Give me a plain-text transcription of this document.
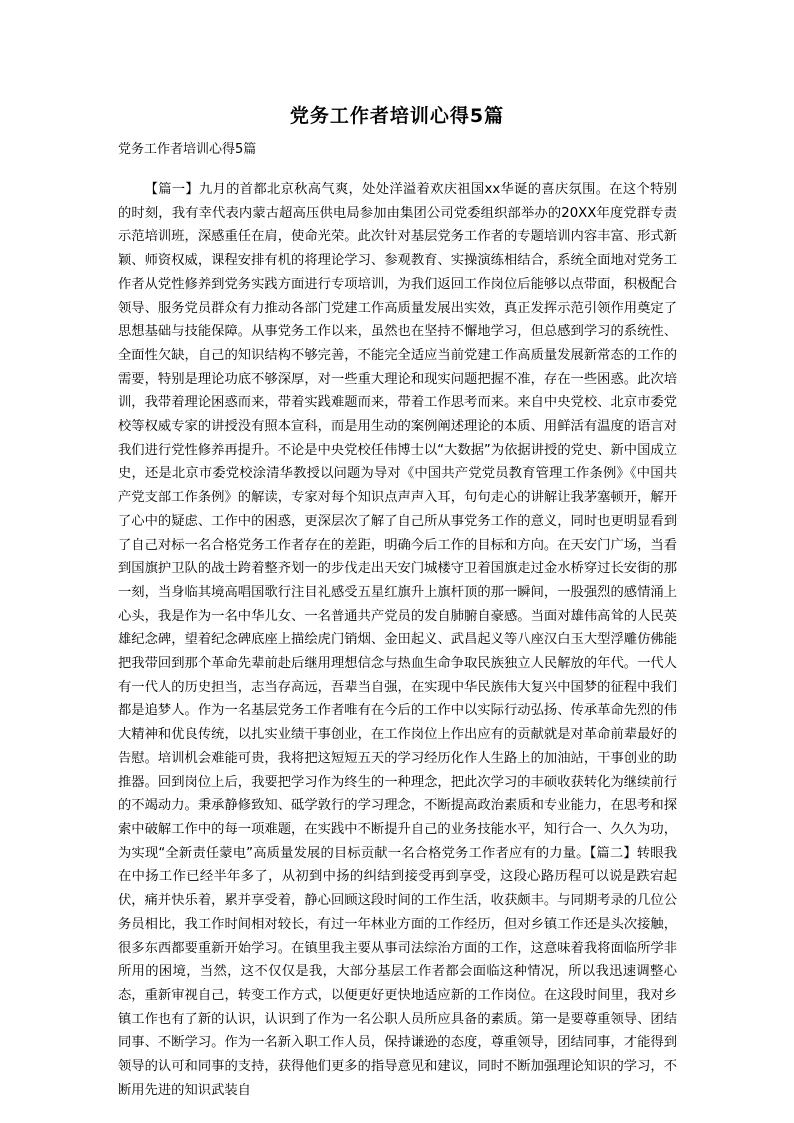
党务工作者培训心得5篇
党务工作者培训心得5篇

【篇一】九月的首都北京秋高气爽，处处洋溢着欢庆祖国xx华诞的喜庆氛围。在这个特别的时刻，我有幸代表内蒙古超高压供电局参加由集团公司党委组织部举办的20XX年度党群专责示范培训班，深感重任在肩，使命光荣。此次针对基层党务工作者的专题培训内容丰富、形式新颖、师资权威，课程安排有机的将理论学习、参观教育、实操演练相结合，系统全面地对党务工作者从党性修养到党务实践方面进行专项培训，为我们返回工作岗位后能够以点带面，积极配合领导、服务党员群众有力推动各部门党建工作高质量发展出实效，真正发挥示范引领作用奠定了思想基础与技能保障。从事党务工作以来，虽然也在坚持不懈地学习，但总感到学习的系统性、全面性欠缺，自己的知识结构不够完善，不能完全适应当前党建工作高质量发展新常态的工作的需要，特别是理论功底不够深厚，对一些重大理论和现实问题把握不准，存在一些困惑。此次培训，我带着理论困惑而来，带着实践难题而来，带着工作思考而来。来自中央党校、北京市委党校等权威专家的讲授没有照本宣科，而是用生动的案例阐述理论的本质、用鲜活有温度的语言对我们进行党性修养再提升。不论是中央党校任伟博士以“大数据”为依据讲授的党史、新中国成立史，还是北京市委党校涂清华教授以问题为导对《中国共产党党员教育管理工作条例》《中国共产党支部工作条例》的解读，专家对每个知识点声声入耳，句句走心的讲解让我茅塞顿开，解开了心中的疑虑、工作中的困惑，更深层次了解了自己所从事党务工作的意义，同时也更明显看到了自己对标一名合格党务工作者存在的差距，明确今后工作的目标和方向。在天安门广场，当看到国旗护卫队的战士跨着整齐划一的步伐走出天安门城楼守卫着国旗走过金水桥穿过长安街的那一刻，当身临其境高唱国歌行注目礼感受五星红旗升上旗杆顶的那一瞬间，一股强烈的感情涌上心头，我是作为一名中华儿女、一名普通共产党员的发自肺腑自豪感。当面对雄伟高耸的人民英雄纪念碑，望着纪念碑底座上描绘虎门销烟、金田起义、武昌起义等八座汉白玉大型浮雕仿佛能把我带回到那个革命先辈前赴后继用理想信念与热血生命争取民族独立人民解放的年代。一代人有一代人的历史担当，志当存高远，吾辈当自强，在实现中华民族伟大复兴中国梦的征程中我们都是追梦人。作为一名基层党务工作者唯有在今后的工作中以实际行动弘扬、传承革命先烈的伟大精神和优良传统，以扎实业绩干事创业，在工作岗位上作出应有的贡献就是对革命前辈最好的告慰。培训机会难能可贵，我将把这短短五天的学习经历化作人生路上的加油站，干事创业的助推器。回到岗位上后，我要把学习作为终生的一种理念，把此次学习的丰硕收获转化为继续前行的不竭动力。秉承静修致知、砥学敦行的学习理念，不断提高政治素质和专业能力，在思考和探索中破解工作中的每一项难题，在实践中不断提升自己的业务技能水平，知行合一、久久为功，为实现“全新责任蒙电”高质量发展的目标贡献一名合格党务工作者应有的力量。【篇二】转眼我在中扬工作已经半年多了，从初到中扬的纠结到接受再到享受，这段心路历程可以说是跌宕起伏，痛并快乐着，累并享受着，静心回顾这段时间的工作生活，收获颇丰。与同期考录的几位公务员相比，我工作时间相对较长，有过一年林业方面的工作经历，但对乡镇工作还是头次接触，很多东西都要重新开始学习。在镇里我主要从事司法综治方面的工作，这意味着我将面临所学非所用的困境，当然，这不仅仅是我，大部分基层工作者都会面临这种情况，所以我迅速调整心态，重新审视自己，转变工作方式，以便更好更快地适应新的工作岗位。在这段时间里，我对乡镇工作也有了新的认识，认识到了作为一名公职人员所应具备的素质。第一是要尊重领导、团结同事、不断学习。作为一名新入职工作人员，保持谦逊的态度，尊重领导，团结同事，才能得到领导的认可和同事的支持，获得他们更多的指导意见和建议，同时不断加强理论知识的学习，不断用先进的知识武装自
